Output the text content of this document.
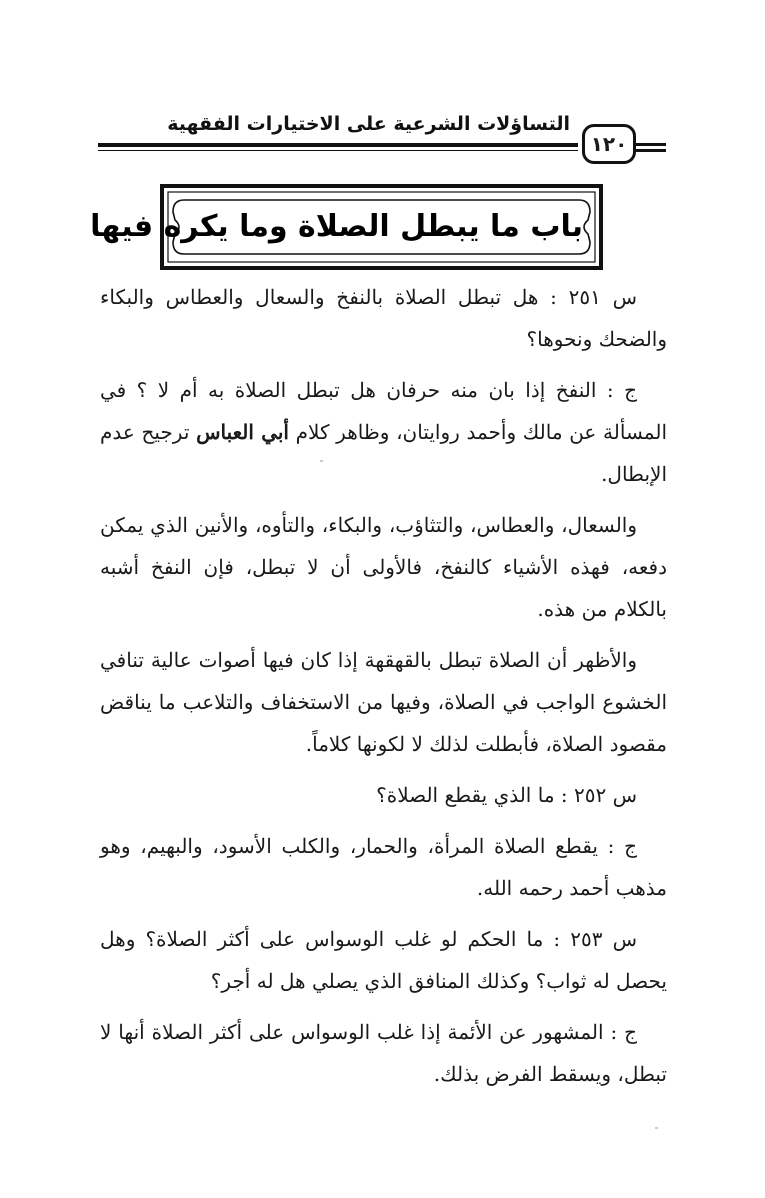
التساؤلات الشرعية على الاختيارات الفقهية
١٢٠
باب ما يبطل الصلاة وما يكره فيها

س ٢٥١ : هل تبطل الصلاة بالنفخ والسعال والعطاس والبكاء والضحك ونحوها؟

ج : النفخ إذا بان منه حرفان هل تبطل الصلاة به أم لا ؟ في المسألة عن مالك وأحمد روايتان، وظاهر كلام أبي العباس ترجيح عدم الإبطال.

والسعال، والعطاس، والتثاؤب، والبكاء، والتأوه، والأنين الذي يمكن دفعه، فهذه الأشياء كالنفخ، فالأولى أن لا تبطل، فإن النفخ أشبه بالكلام من هذه.

والأظهر أن الصلاة تبطل بالقهقهة إذا كان فيها أصوات عالية تنافي الخشوع الواجب في الصلاة، وفيها من الاستخفاف والتلاعب ما يناقض مقصود الصلاة، فأبطلت لذلك لا لكونها كلاماً.

س ٢٥٢ : ما الذي يقطع الصلاة؟

ج : يقطع الصلاة المرأة، والحمار، والكلب الأسود، والبهيم، وهو مذهب أحمد رحمه الله.

س ٢٥٣ : ما الحكم لو غلب الوسواس على أكثر الصلاة؟ وهل يحصل له ثواب؟ وكذلك المنافق الذي يصلي هل له أجر؟

ج : المشهور عن الأئمة إذا غلب الوسواس على أكثر الصلاة أنها لا تبطل، ويسقط الفرض بذلك.
